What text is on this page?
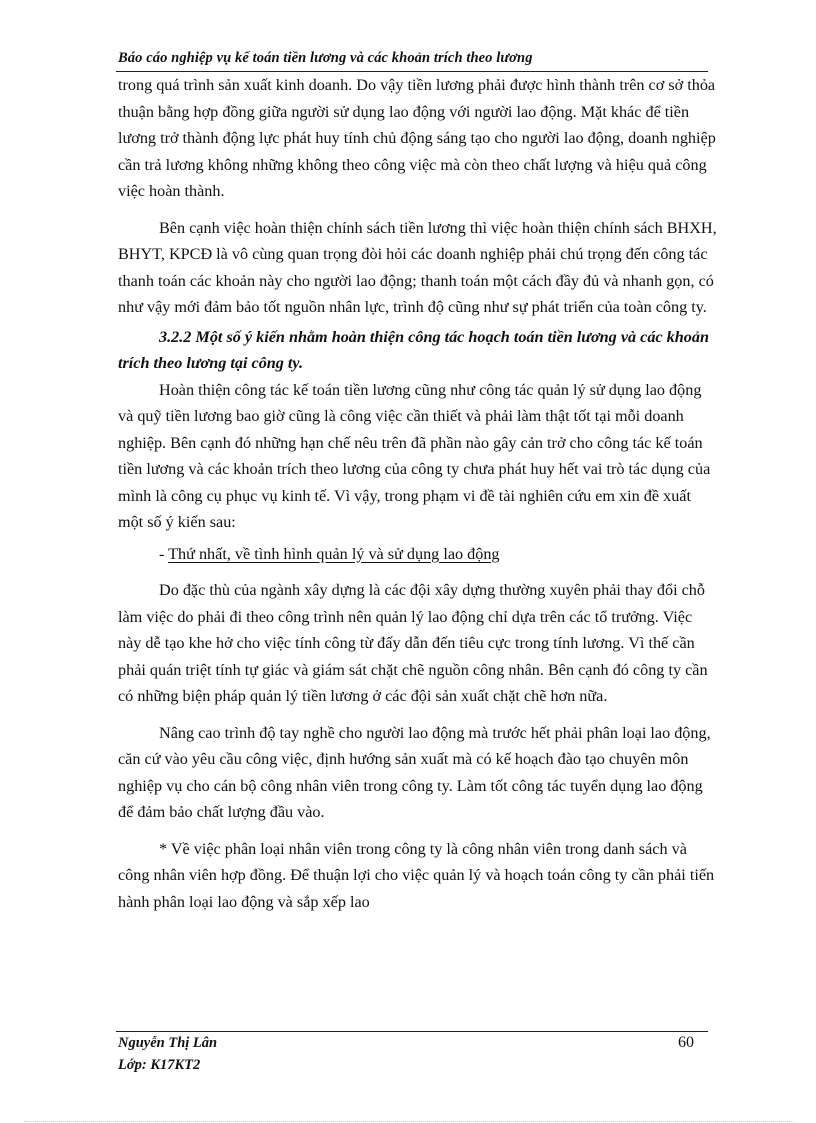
Báo cáo nghiệp vụ kế toán tiền lương và các khoản trích theo lương

trong quá trình sản xuất kinh doanh. Do vậy tiền lương phải được hình thành trên cơ sở thỏa thuận bằng hợp đồng giữa người sử dụng lao động với người lao động. Mặt khác để tiền lương trở thành động lực phát huy tính chủ động sáng tạo cho người lao động, doanh nghiệp cần trả lương không những không theo công việc mà còn theo chất lượng và hiệu quả công việc hoàn thành.

Bên cạnh việc hoàn thiện chính sách tiền lương thì việc hoàn thiện chính sách BHXH, BHYT, KPCĐ là vô cùng quan trọng đòi hỏi các doanh nghiệp phải chú trọng đến công tác thanh toán các khoản này cho người lao động; thanh toán một cách đầy đủ và nhanh gọn, có như vậy mới đảm bảo tốt nguồn nhân lực, trình độ cũng như sự phát triển của toàn công ty.

3.2.2 Một số ý kiến nhằm hoàn thiện công tác hoạch toán tiền lương và các khoản trích theo lương tại công ty.

Hoàn thiện công tác kế toán tiền lương cũng như công tác quản lý sử dụng lao động và quỹ tiền lương bao giờ cũng là công việc cần thiết và phải làm thật tốt tại mỗi doanh nghiệp. Bên cạnh đó những hạn chế nêu trên đã phần nào gây cản trở cho công tác kế toán tiền lương và các khoản trích theo lương của công ty chưa phát huy hết vai trò tác dụng của mình là công cụ phục vụ kinh tế. Vì vậy, trong phạm vi đề tài nghiên cứu em xin đề xuất một số ý kiến sau:

- Thứ nhất, về tình hình quản lý và sử dụng lao động

Do đặc thù của ngành xây dựng là các đội xây dựng thường xuyên phải thay đổi chỗ làm việc do phải đi theo công trình nên quản lý lao động chỉ dựa trên các tổ trưởng. Việc này dễ tạo khe hở cho việc tính công từ đấy dẫn đến tiêu cực trong tính lương. Vì thế cần phải quán triệt tính tự giác và giám sát chặt chẽ nguồn công nhân. Bên cạnh đó công ty cần có những biện pháp quản lý tiền lương ở các đội sản xuất chặt chẽ hơn nữa.

Nâng cao trình độ tay nghề cho người lao động mà trước hết phải phân loại lao động, căn cứ vào yêu cầu công việc, định hướng sản xuất mà có kế hoạch đào tạo chuyên môn nghiệp vụ cho cán bộ công nhân viên trong công ty. Làm tốt công tác tuyển dụng lao động để đảm bảo chất lượng đầu vào.

* Về việc phân loại nhân viên trong công ty là công nhân viên trong danh sách và công nhân viên hợp đồng. Để thuận lợi cho việc quản lý và hoạch toán công ty cần phải tiến hành phân loại lao động và sắp xếp lao

Nguyễn Thị Lân
Lớp: K17KT2
60
